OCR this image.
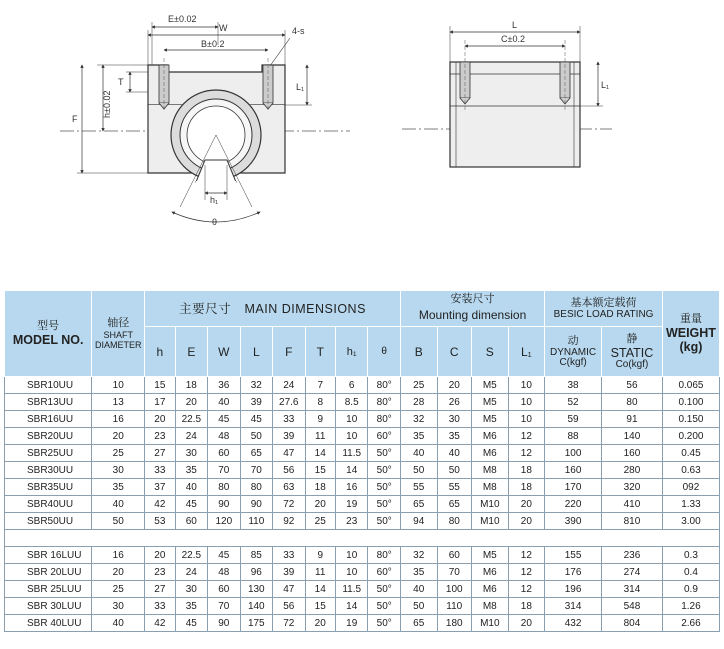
E±0.02
W
B±0.2
4-s
T	L₁
h±0.02
F
h₁
θ
L
C±0.2
L₁
型号
MODEL NO.	轴径
SHAFT
DIAMETER	主要尺寸 MAIN DIMENSIONS								安装尺寸
Mounting dimension				基本额定载荷
BESIC LOAD RATING		重量
WEIGHT
(kg)

		h	E	W	L	F	T	h₁	θ	B	C	S	L₁	动
DYNAMIC
C(kgf)	静
STATIC
Co(kgf)	

SBR10UU	10	15	18	36	32	24	7	6	80°	25	20	M5	10	38	56	0.065
SBR13UU	13	17	20	40	39	27.6	8	8.5	80°	28	26	M5	10	52	80	0.100
SBR16UU	16	20	22.5	45	45	33	9	10	80°	32	30	M5	10	59	91	0.150
SBR20UU	20	23	24	48	50	39	11	10	60°	35	35	M6	12	88	140	0.200
SBR25UU	25	27	30	60	65	47	14	11.5	50°	40	40	M6	12	100	160	0.45
SBR30UU	30	33	35	70	70	56	15	14	50°	50	50	M8	18	160	280	0.63
SBR35UU	35	37	40	80	80	63	18	16	50°	55	55	M8	18	170	320	092
SBR40UU	40	42	45	90	90	72	20	19	50°	65	65	M10	20	220	410	1.33
SBR50UU	50	53	60	120	110	92	25	23	50°	94	80	M10	20	390	810	3.00

SBR 16LUU	16	20	22.5	45	85	33	9	10	80°	32	60	M5	12	155	236	0.3
SBR 20LUU	20	23	24	48	96	39	11	10	60°	35	70	M6	12	176	274	0.4
SBR 25LUU	25	27	30	60	130	47	14	11.5	50°	40	100	M6	12	196	314	0.9
SBR 30LUU	30	33	35	70	140	56	15	14	50°	50	110	M8	18	314	548	1.26
SBR 40LUU	40	42	45	90	175	72	20	19	50°	65	180	M10	20	432	804	2.66
